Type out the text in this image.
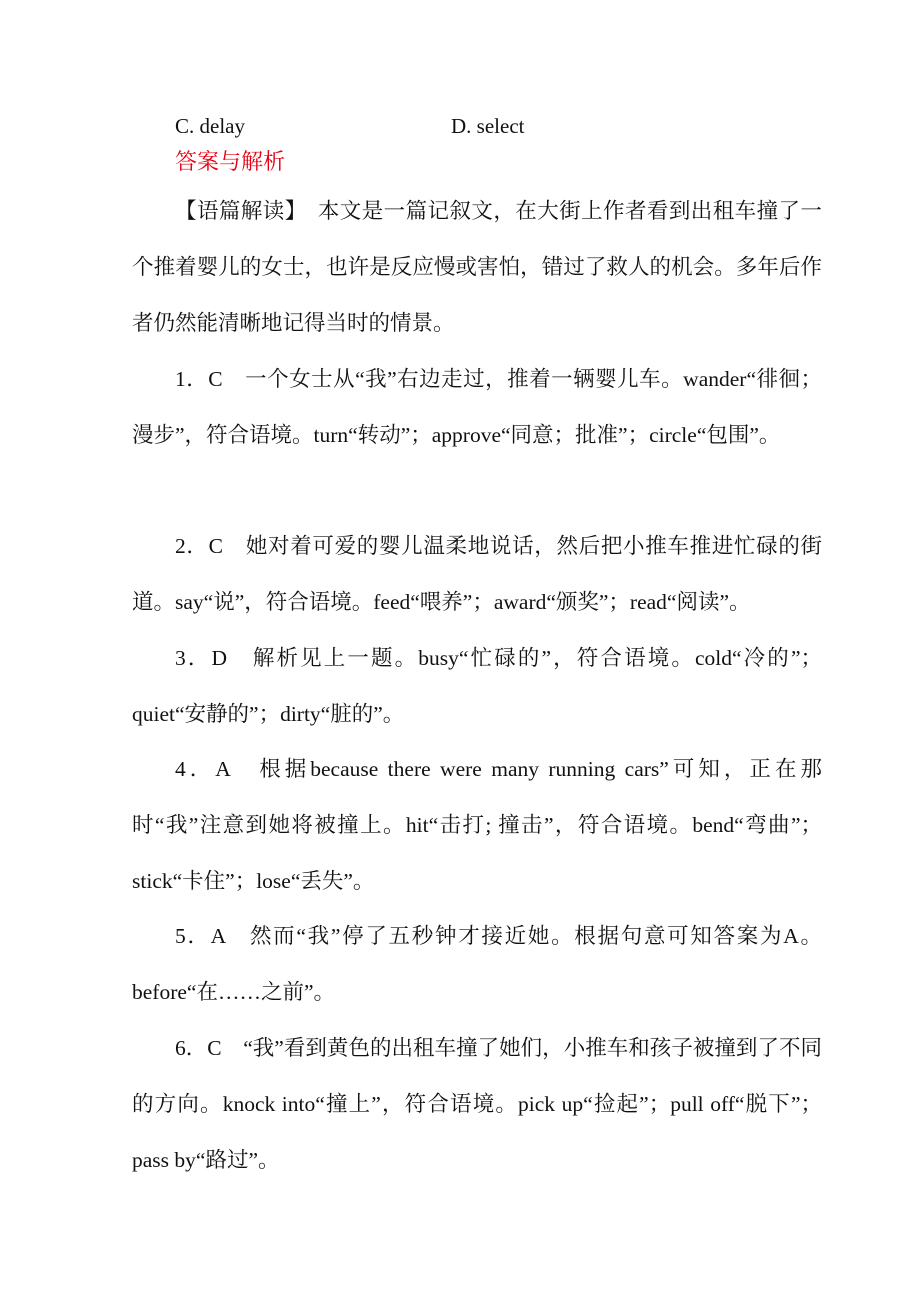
C. delay	D. select
答案与解析

【语篇解读】　本文是一篇记叙文，在大街上作者看到出租车撞了一个推着婴儿的女士，也许是反应慢或害怕，错过了救人的机会。多年后作者仍然能清晰地记得当时的情景。

1．C　一个女士从“我”右边走过，推着一辆婴儿车。wander“徘徊；漫步”，符合语境。turn“转动”；approve“同意；批准”；circle“包围”。

2．C　她对着可爱的婴儿温柔地说话，然后把小推车推进忙碌的街道。say“说”，符合语境。feed“喂养”；award“颁奖”；read“阅读”。

3．D　解析见上一题。busy“忙碌的”，符合语境。cold“冷的”；quiet“安静的”；dirty“脏的”。

4．A　根据because there were many running cars”可知，正在那时“我”注意到她将被撞上。hit“击打; 撞击”，符合语境。bend“弯曲”；stick“卡住”；lose“丢失”。

5．A　然而“我”停了五秒钟才接近她。根据句意可知答案为A。before“在……之前”。

6．C　“我”看到黄色的出租车撞了她们，小推车和孩子被撞到了不同的方向。knock into“撞上”，符合语境。pick up“捡起”；pull off“脱下”；pass by“路过”。
